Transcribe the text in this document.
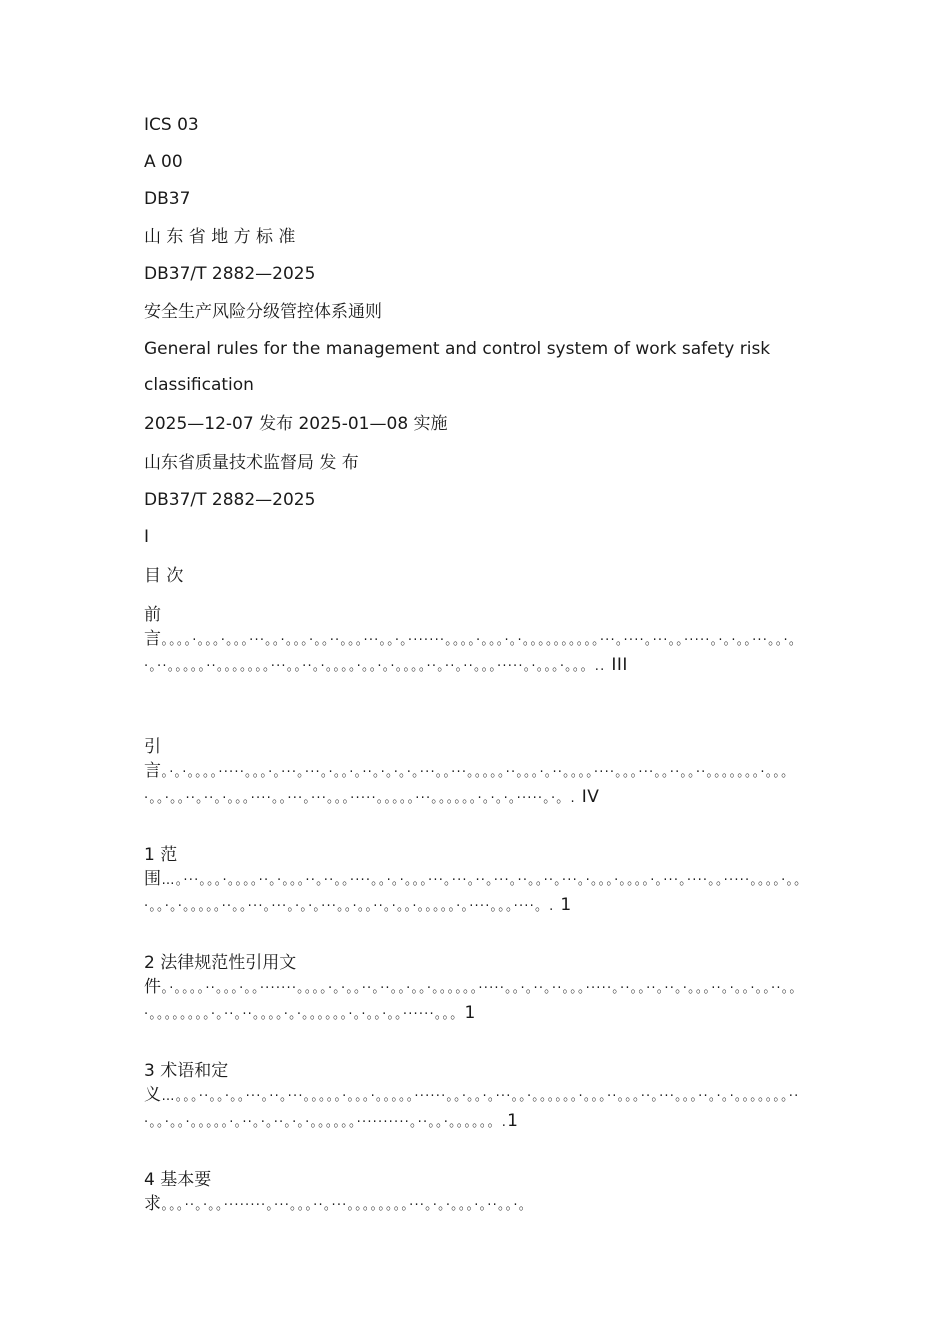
ICS 03
A 00
DB37
山 东 省 地 方 标 准
DB37/T 2882—2025
安全生产风险分级管控体系通则
General rules for the management and control system of work safety risk
classification
2025—12-07 发布 2025-01—08 实施
山东省质量技术监督局 发 布
DB37/T 2882—2025
I
目 次
前
言。。。。·。。。·。。。···。。·。。。·。。··。。。···。。·。·······。。。。·。。。·。·。。。。。。。。。。···。····。···。。·····。·。·。。···。。·。·。··。。。。。··。。。。。。。···。。··。·。。。。·。。·。·。。。。··。··。··。。。·····。·。。。·。。。.. III
引
言。·。·。。。。·····。。。·。···。···。·。。·。··。·。·。·。···。。···。。。。。··。。。·。··。。。。····。。。···。。··。。··。。。。。。。·。。。·。。·。。··。··。·。。。····。。···。···。。。·····。。。。。···。。。。。。·。·。·。·····。·。. IV
1 范
围…。···。。。·。。。。··。·。。。··。··。。····。。·。·。。。···。···。··。···。··。。··。···。·。。。·。。。。·。···。····。。·····。。。。·。。·。。·。·。。。。。··。。···。···。·。·。···。。·。。··。·。。·。。。。。·。····。。。····。. 1
2 法律规范性引用文
件。·。。。。··。。。·。。·······。。。。·。·。。··。··。。·。。·。。。。。。·····。。·。··。··。。。·····。··。。··。··。·。。。··。·。。·。。··。。·。。。。。。。。·。··。··。。。。·。·。。。。。。·。·。。·。。······。。。1
3 术语和定
义…。。。··。。·。。···。··。···。。。。。·。。。·。。。。。······。。·。。·。···。。·。。。。。。·。。。··。。。··。···。。。··。·。·。。。。。。。···。。·。。·。。。。。·。··。·。··。·。·。。。。。。··········。··。。·。。。。。。.1
4 基本要
求。。。··。·。。········。···。。。··。···。。。。。。。。···。·。·。。。·。··。。·。
